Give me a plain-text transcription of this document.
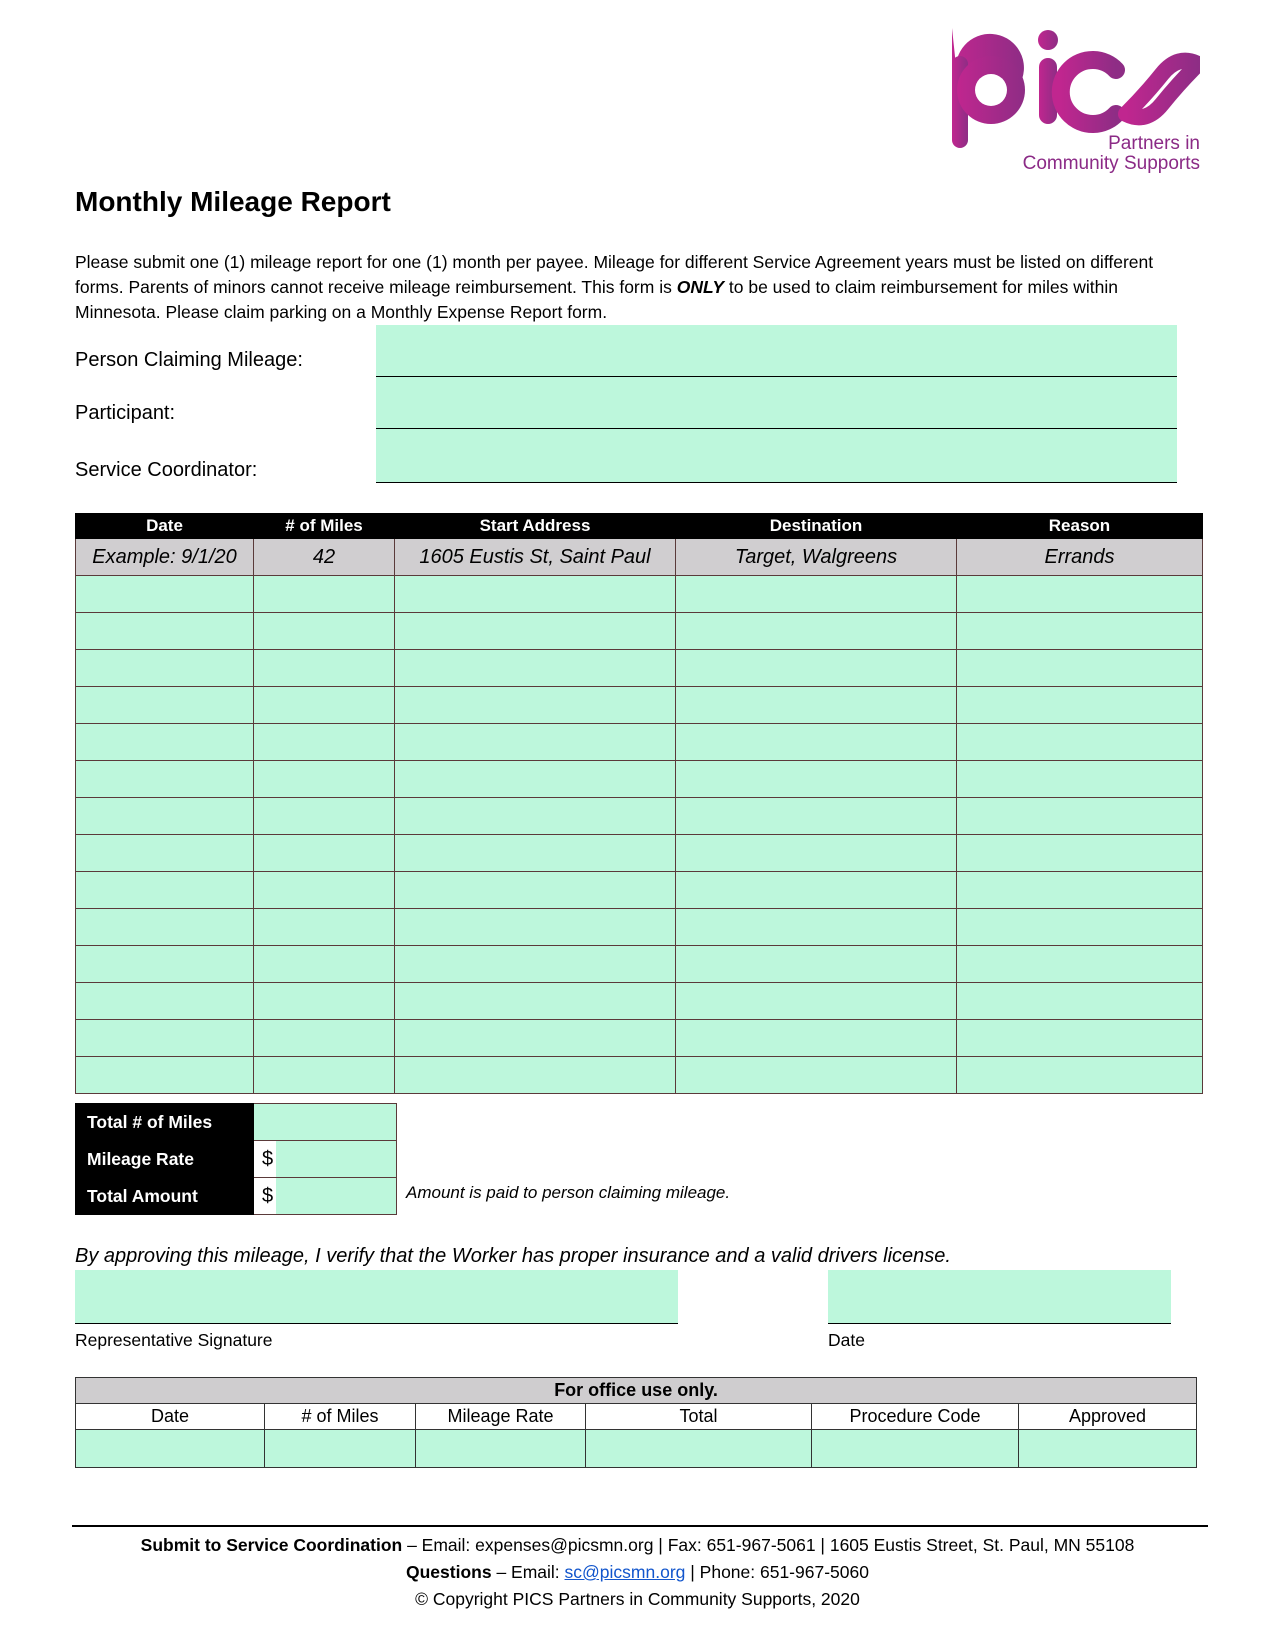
Partners in
Community Supports
Monthly Mileage Report
Please submit one (1) mileage report for one (1) month per payee. Mileage for different Service Agreement years must be listed on different forms. Parents of minors cannot receive mileage reimbursement. This form is ONLY to be used to claim reimbursement for miles within Minnesota. Please claim parking on a Monthly Expense Report form.
Person Claiming Mileage:
Participant:
Service Coordinator:
Date	# of Miles	Start Address	Destination	Reason
Example: 9/1/20	42	1605 Eustis St, Saint Paul	Target, Walgreens	Errands

Total # of Miles	
Mileage Rate	$
Total Amount	$	Amount is paid to person claiming mileage.
By approving this mileage, I verify that the Worker has proper insurance and a valid drivers license.
Representative Signature	Date
For office use only.					
Date	# of Miles	Mileage Rate	Total	Procedure Code	Approved

Submit to Service Coordination – Email: expenses@picsmn.org | Fax: 651-967-5061 | 1605 Eustis Street, St. Paul, MN 55108
Questions – Email: sc@picsmn.org | Phone: 651-967-5060
© Copyright PICS Partners in Community Supports, 2020
